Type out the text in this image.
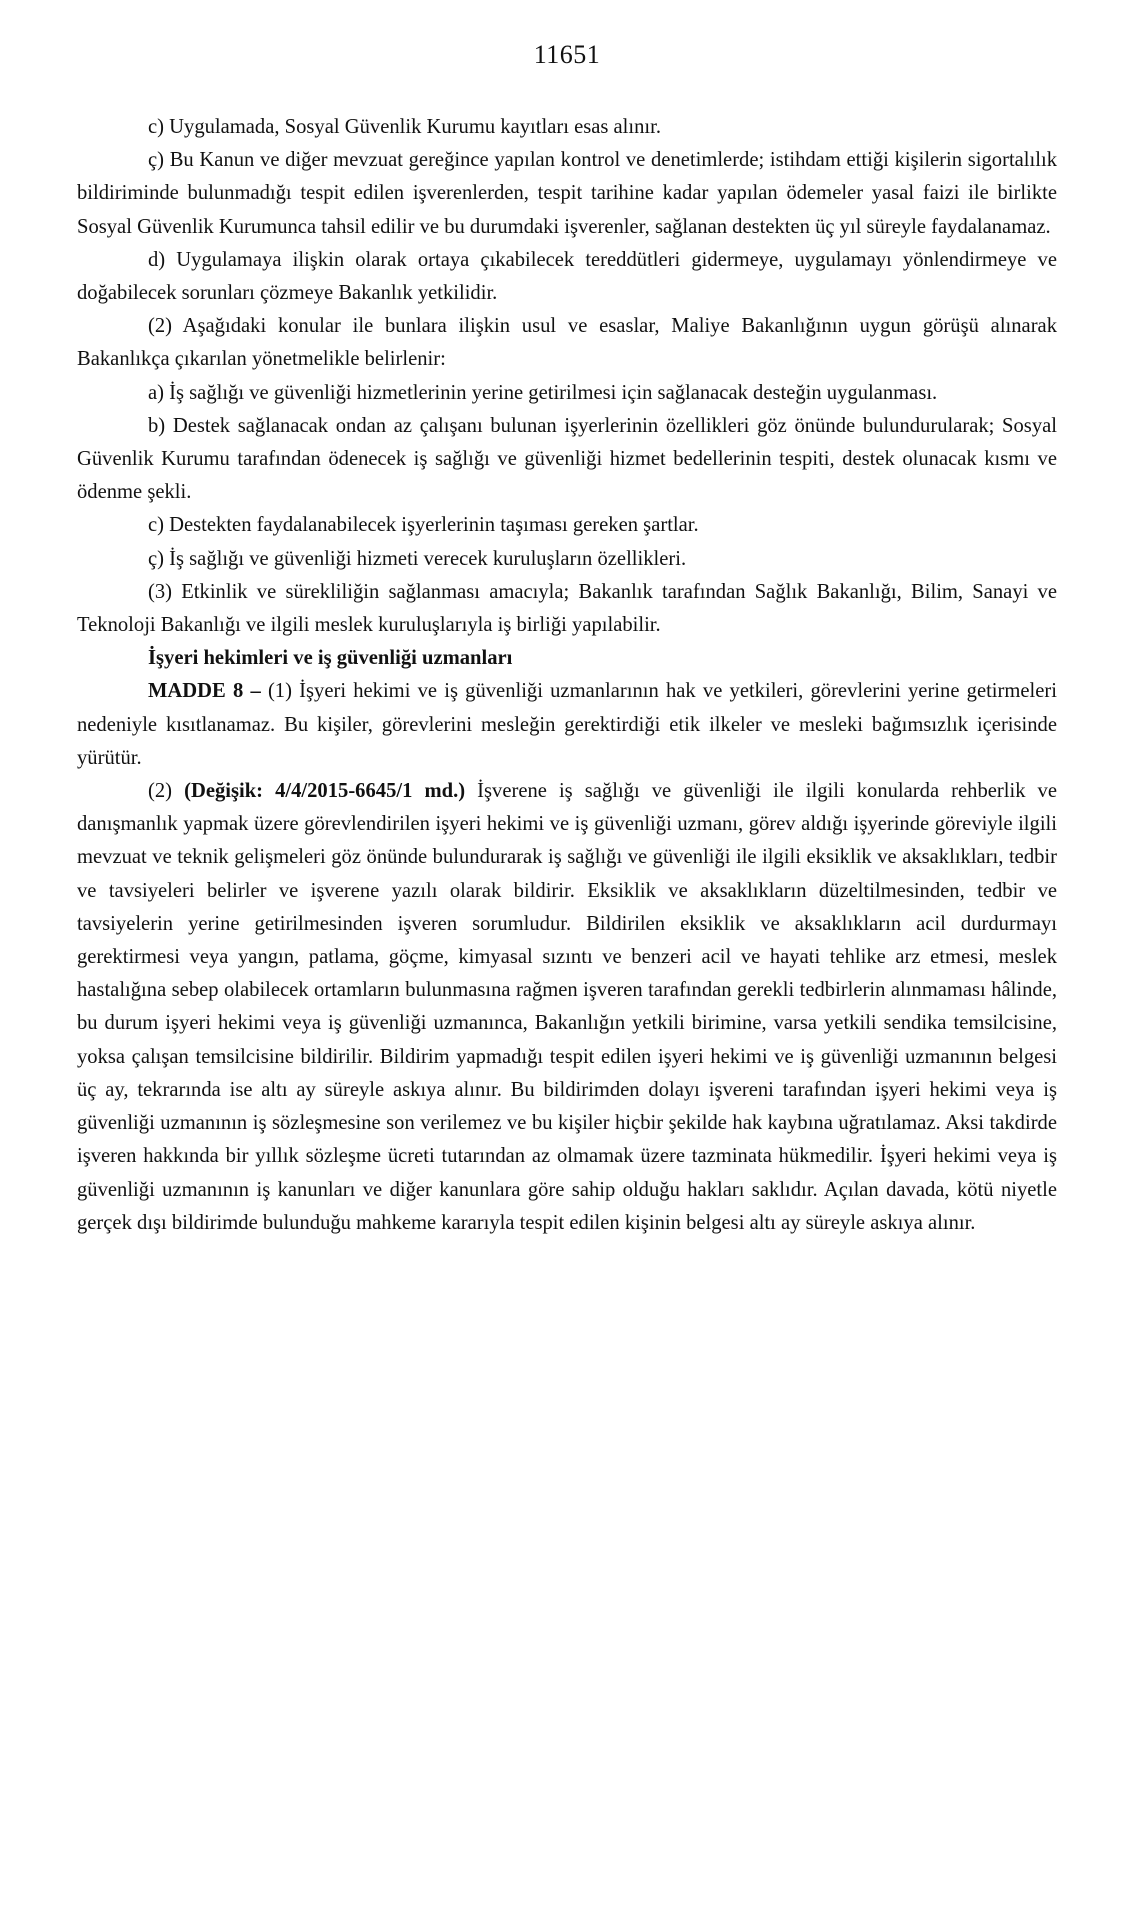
11651

c) Uygulamada, Sosyal Güvenlik Kurumu kayıtları esas alınır.

ç) Bu Kanun ve diğer mevzuat gereğince yapılan kontrol ve denetimlerde; istihdam ettiği kişilerin sigortalılık bildiriminde bulunmadığı tespit edilen işverenlerden, tespit tarihine kadar yapılan ödemeler yasal faizi ile birlikte Sosyal Güvenlik Kurumunca tahsil edilir ve bu durumdaki işverenler, sağlanan destekten üç yıl süreyle faydalanamaz.

d) Uygulamaya ilişkin olarak ortaya çıkabilecek tereddütleri gidermeye, uygulamayı yönlendirmeye ve doğabilecek sorunları çözmeye Bakanlık yetkilidir.

(2) Aşağıdaki konular ile bunlara ilişkin usul ve esaslar, Maliye Bakanlığının uygun görüşü alınarak Bakanlıkça çıkarılan yönetmelikle belirlenir:

a) İş sağlığı ve güvenliği hizmetlerinin yerine getirilmesi için sağlanacak desteğin uygulanması.

b) Destek sağlanacak ondan az çalışanı bulunan işyerlerinin özellikleri göz önünde bulundurularak; Sosyal Güvenlik Kurumu tarafından ödenecek iş sağlığı ve güvenliği hizmet bedellerinin tespiti, destek olunacak kısmı ve ödenme şekli.

c) Destekten faydalanabilecek işyerlerinin taşıması gereken şartlar.

ç) İş sağlığı ve güvenliği hizmeti verecek kuruluşların özellikleri.

(3) Etkinlik ve sürekliliğin sağlanması amacıyla; Bakanlık tarafından Sağlık Bakanlığı, Bilim, Sanayi ve Teknoloji Bakanlığı ve ilgili meslek kuruluşlarıyla iş birliği yapılabilir.

İşyeri hekimleri ve iş güvenliği uzmanları

MADDE 8 – (1) İşyeri hekimi ve iş güvenliği uzmanlarının hak ve yetkileri, görevlerini yerine getirmeleri nedeniyle kısıtlanamaz. Bu kişiler, görevlerini mesleğin gerektirdiği etik ilkeler ve mesleki bağımsızlık içerisinde yürütür.

(2) (Değişik: 4/4/2015-6645/1 md.) İşverene iş sağlığı ve güvenliği ile ilgili konularda rehberlik ve danışmanlık yapmak üzere görevlendirilen işyeri hekimi ve iş güvenliği uzmanı, görev aldığı işyerinde göreviyle ilgili mevzuat ve teknik gelişmeleri göz önünde bulundurarak iş sağlığı ve güvenliği ile ilgili eksiklik ve aksaklıkları, tedbir ve tavsiyeleri belirler ve işverene yazılı olarak bildirir. Eksiklik ve aksaklıkların düzeltilmesinden, tedbir ve tavsiyelerin yerine getirilmesinden işveren sorumludur. Bildirilen eksiklik ve aksaklıkların acil durdurmayı gerektirmesi veya yangın, patlama, göçme, kimyasal sızıntı ve benzeri acil ve hayati tehlike arz etmesi, meslek hastalığına sebep olabilecek ortamların bulunmasına rağmen işveren tarafından gerekli tedbirlerin alınmaması hâlinde, bu durum işyeri hekimi veya iş güvenliği uzmanınca, Bakanlığın yetkili birimine, varsa yetkili sendika temsilcisine, yoksa çalışan temsilcisine bildirilir. Bildirim yapmadığı tespit edilen işyeri hekimi ve iş güvenliği uzmanının belgesi üç ay, tekrarında ise altı ay süreyle askıya alınır. Bu bildirimden dolayı işvereni tarafından işyeri hekimi veya iş güvenliği uzmanının iş sözleşmesine son verilemez ve bu kişiler hiçbir şekilde hak kaybına uğratılamaz. Aksi takdirde işveren hakkında bir yıllık sözleşme ücreti tutarından az olmamak üzere tazminata hükmedilir. İşyeri hekimi veya iş güvenliği uzmanının iş kanunları ve diğer kanunlara göre sahip olduğu hakları saklıdır. Açılan davada, kötü niyetle gerçek dışı bildirimde bulunduğu mahkeme kararıyla tespit edilen kişinin belgesi altı ay süreyle askıya alınır.
